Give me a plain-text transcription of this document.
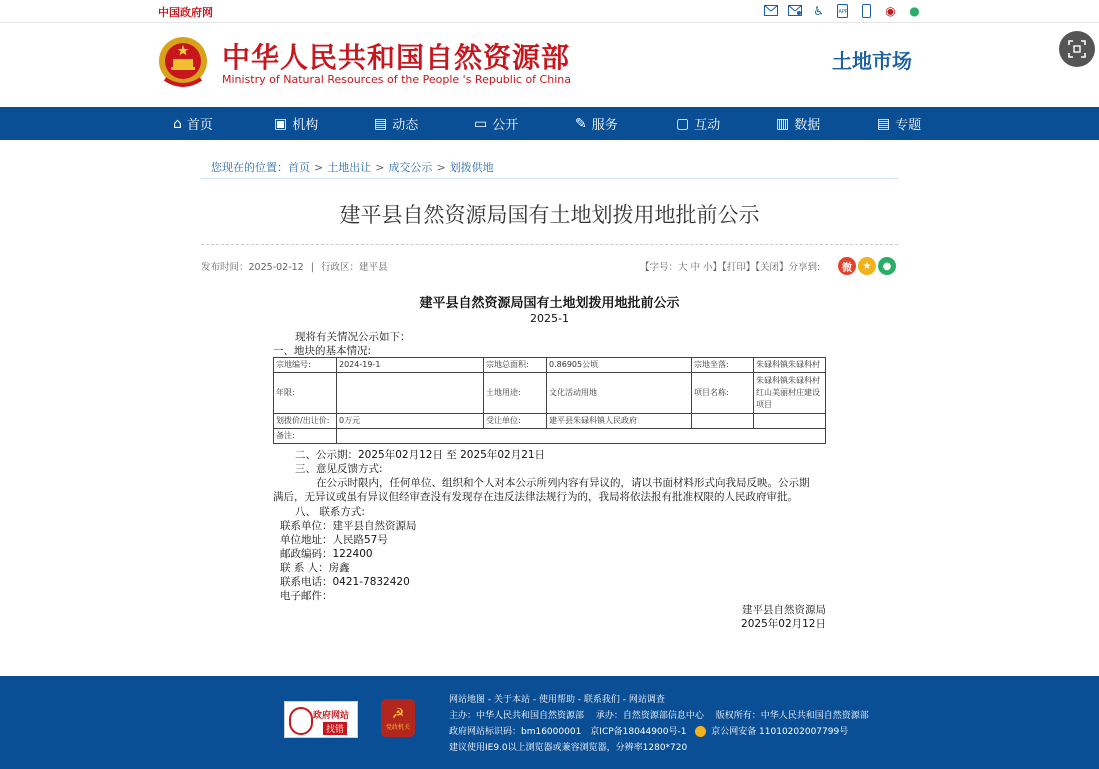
中国政府网	♿	APP	◉ ●
中华人民共和国自然资源部
Ministry of Natural Resources of the People 's Republic of China
土地市场
⌂ 首页	▣ 机构	▤ 动态	▭ 公开	✎ 服务	▢ 互动	▥ 数据	▤ 专题
您现在的位置：首页 > 土地出让 > 成交公示 > 划拨供地
建平县自然资源局国有土地划拨用地批前公示
发布时间：2025-02-12 | 行政区：建平县	【字号：大 中 小】【打印】【关闭】分享到:	微	★	●
建平县自然资源局国有土地划拨用地批前公示
2025-1
现将有关情况公示如下：
一、地块的基本情况:
宗地编号:	2024-19-1	宗地总面积:	0.86905公顷	宗地坐落:	朱碌科镇朱碌科村
年限:		土地用途:	文化活动用地	项目名称:	朱碌科镇朱碌科村红山美丽村庄建设项目
划拨价/出让价:	0万元	受让单位:	建平县朱碌科镇人民政府		
备注:					
二、公示期：2025年02月12日 至 2025年02月21日
三、意见反馈方式:
在公示时限内，任何单位、组织和个人对本公示所列内容有异议的，请以书面材料形式向我局反映。公示期
满后，无异议或虽有异议但经审查没有发现存在违反法律法规行为的，我局将依法报有批准权限的人民政府审批。
八、 联系方式:
联系单位：建平县自然资源局
单位地址：人民路57号
邮政编码：122400
联 系 人：房鑫
联系电话：0421-7832420
电子邮件：
建平县自然资源局
2025年02月12日
政府网站
找错
☭
党政机关
网站地图 - 关于本站 - 使用帮助 - 联系我们 - 网站调查
主办：中华人民共和国自然资源部　 承办：自然资源部信息中心　 版权所有：中华人民共和国自然资源部
政府网站标识码：bm16000001　京ICP备18044900号-1	京公网安备 11010202007799号
建议使用IE9.0以上浏览器或兼容浏览器，分辨率1280*720
